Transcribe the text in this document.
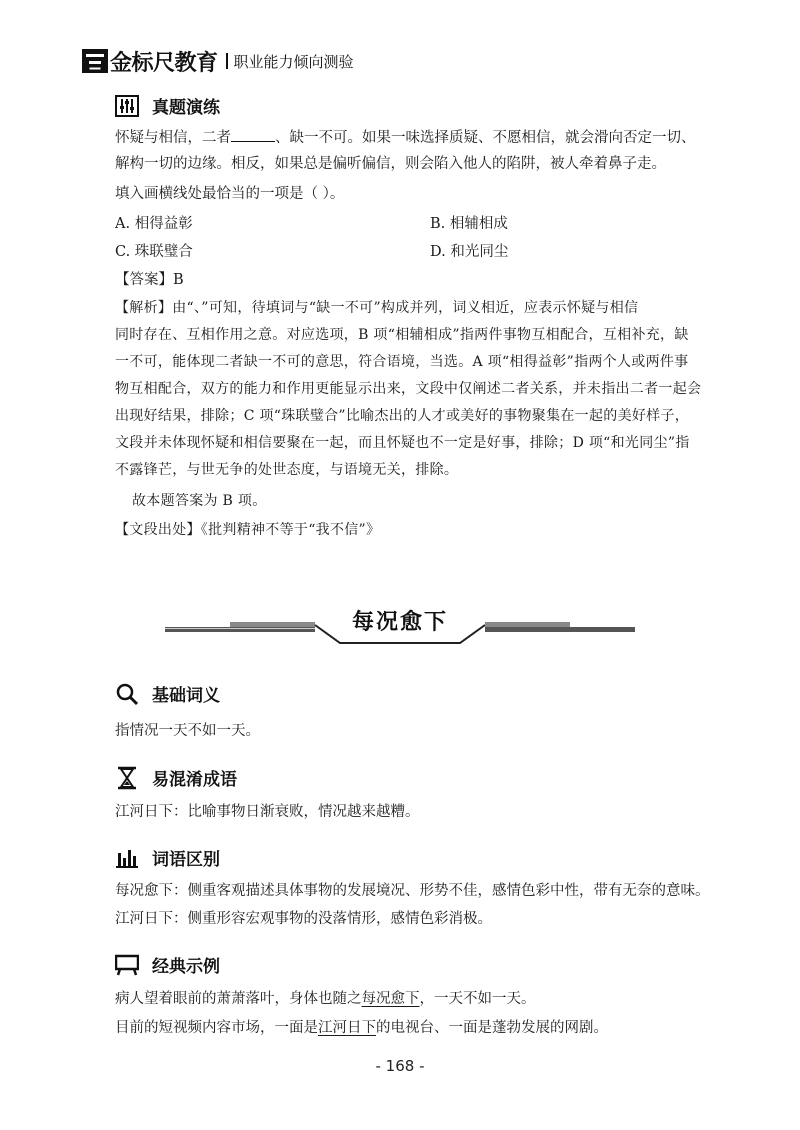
金标尺教育 职业能力倾向测验
真题演练
怀疑与相信，二者	、缺一不可。如果一味选择质疑、不愿相信，就会滑向否定一切、
解构一切的边缘。相反，如果总是偏听偏信，则会陷入他人的陷阱，被人牵着鼻子走。
填入画横线处最恰当的一项是（ ）。
A. 相得益彰	B. 相辅相成
C. 珠联璧合	D. 和光同尘
【答案】B
【解析】由“、”可知，待填词与“缺一不可”构成并列，词义相近，应表示怀疑与相信
同时存在、互相作用之意。对应选项，B 项“相辅相成”指两件事物互相配合，互相补充，缺
一不可，能体现二者缺一不可的意思，符合语境，当选。A 项“相得益彰”指两个人或两件事
物互相配合，双方的能力和作用更能显示出来，文段中仅阐述二者关系，并未指出二者一起会
出现好结果，排除；C 项“珠联璧合”比喻杰出的人才或美好的事物聚集在一起的美好样子，
文段并未体现怀疑和相信要聚在一起，而且怀疑也不一定是好事，排除；D 项“和光同尘”指
不露锋芒，与世无争的处世态度，与语境无关，排除。
故本题答案为 B 项。
【文段出处】《批判精神不等于“我不信”》
每况愈下
基础词义
指情况一天不如一天。
易混淆成语
江河日下：比喻事物日渐衰败，情况越来越糟。
词语区别
每况愈下：侧重客观描述具体事物的发展境况、形势不佳，感情色彩中性，带有无奈的意味。
江河日下：侧重形容宏观事物的没落情形，感情色彩消极。
经典示例
病人望着眼前的萧萧落叶，身体也随之每况愈下，一天不如一天。
目前的短视频内容市场，一面是江河日下的电视台、一面是蓬勃发展的网剧。
- 168 -
